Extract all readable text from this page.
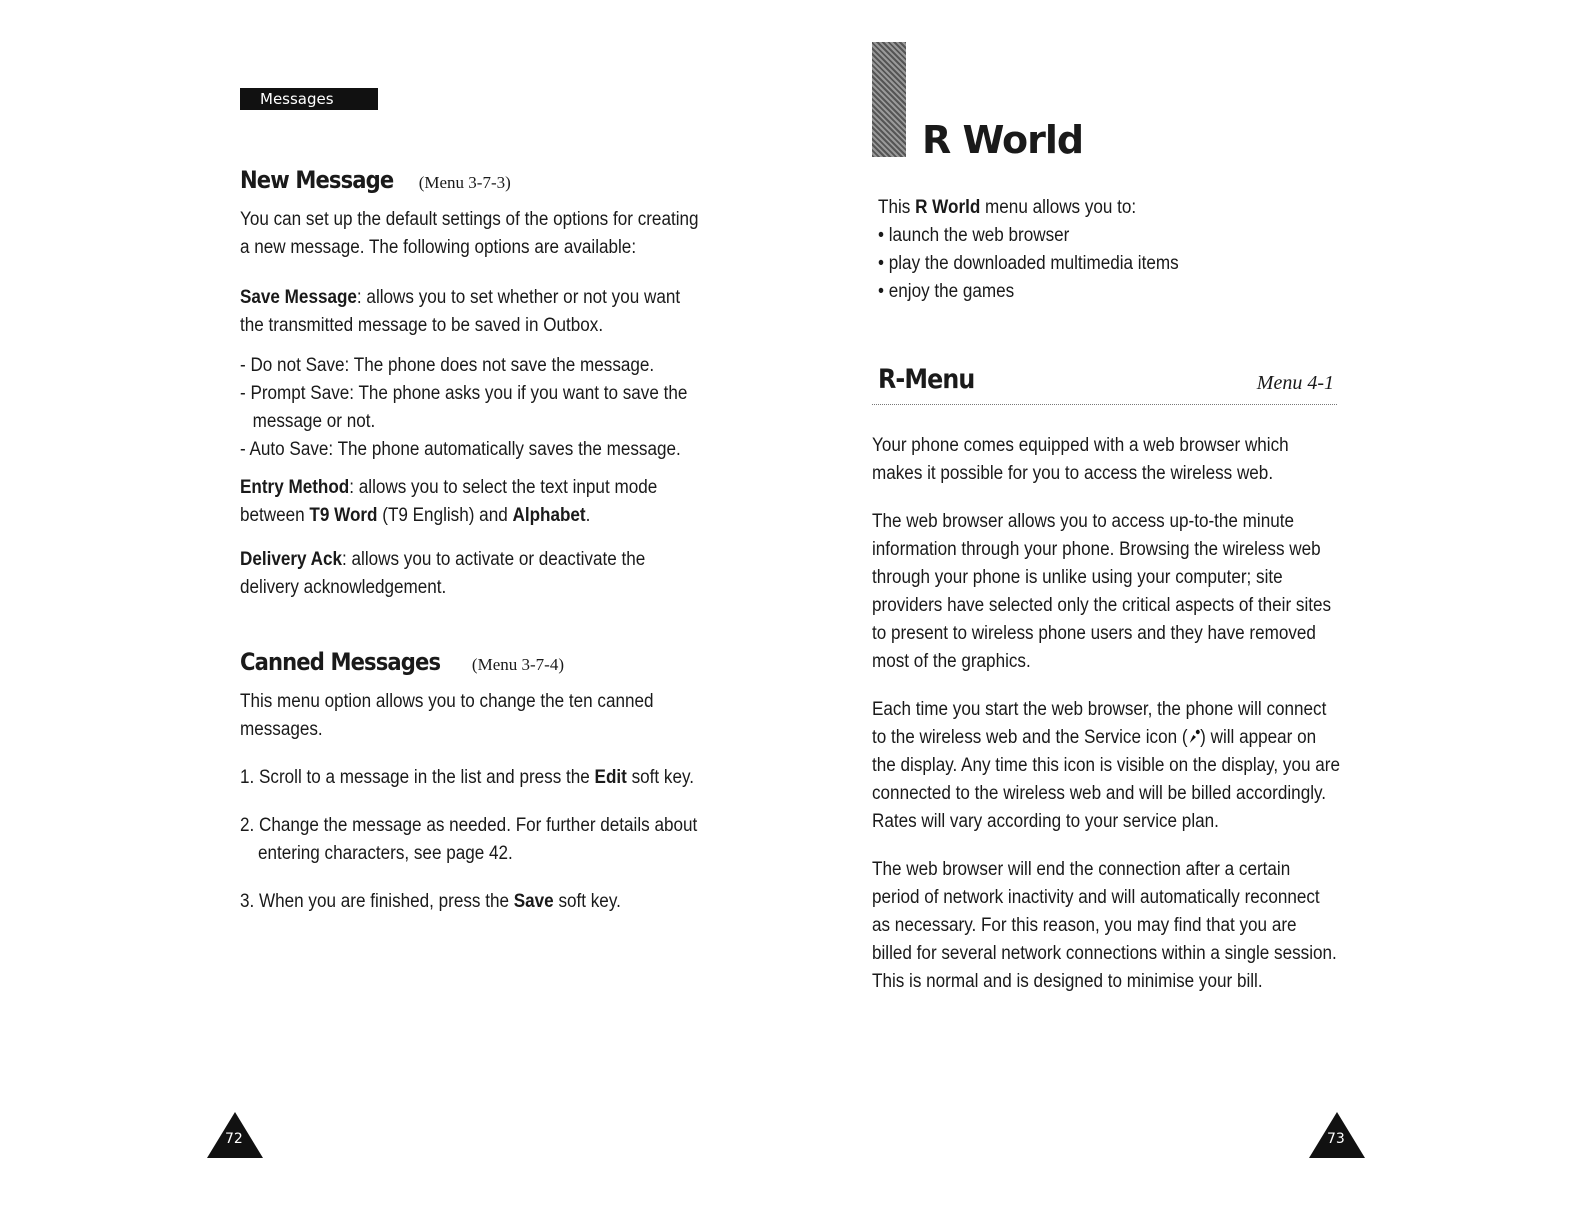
Messages
New Message (Menu 3-7-3)

You can set up the default settings of the options for creating a new message. The following options are available:

Save Message: allows you to set whether or not you want the transmitted message to be saved in Outbox.

- Do not Save: The phone does not save the message.
- Prompt Save: The phone asks you if you want to save the message or not.
- Auto Save: The phone automatically saves the message.

Entry Method: allows you to select the text input mode between T9 Word (T9 English) and Alphabet.

Delivery Ack: allows you to activate or deactivate the delivery acknowledgement.

Canned Messages (Menu 3-7-4)

This menu option allows you to change the ten canned messages.

1. Scroll to a message in the list and press the Edit soft key.
2. Change the message as needed. For further details about entering characters, see page 42.
3. When you are finished, press the Save soft key.
72
R World

This R World menu allows you to:

• launch the web browser
• play the downloaded multimedia items
• enjoy the games
R-Menu	Menu 4-1

Your phone comes equipped with a web browser which makes it possible for you to access the wireless web.

The web browser allows you to access up-to-the minute information through your phone. Browsing the wireless web through your phone is unlike using your computer; site providers have selected only the critical aspects of their sites to present to wireless phone users and they have removed most of the graphics.

Each time you start the web browser, the phone will connect to the wireless web and the Service icon ( ) will appear on the display. Any time this icon is visible on the display, you are connected to the wireless web and will be billed accordingly. Rates will vary according to your service plan.

The web browser will end the connection after a certain period of network inactivity and will automatically reconnect as necessary. For this reason, you may find that you are billed for several network connections within a single session. This is normal and is designed to minimise your bill.

73
